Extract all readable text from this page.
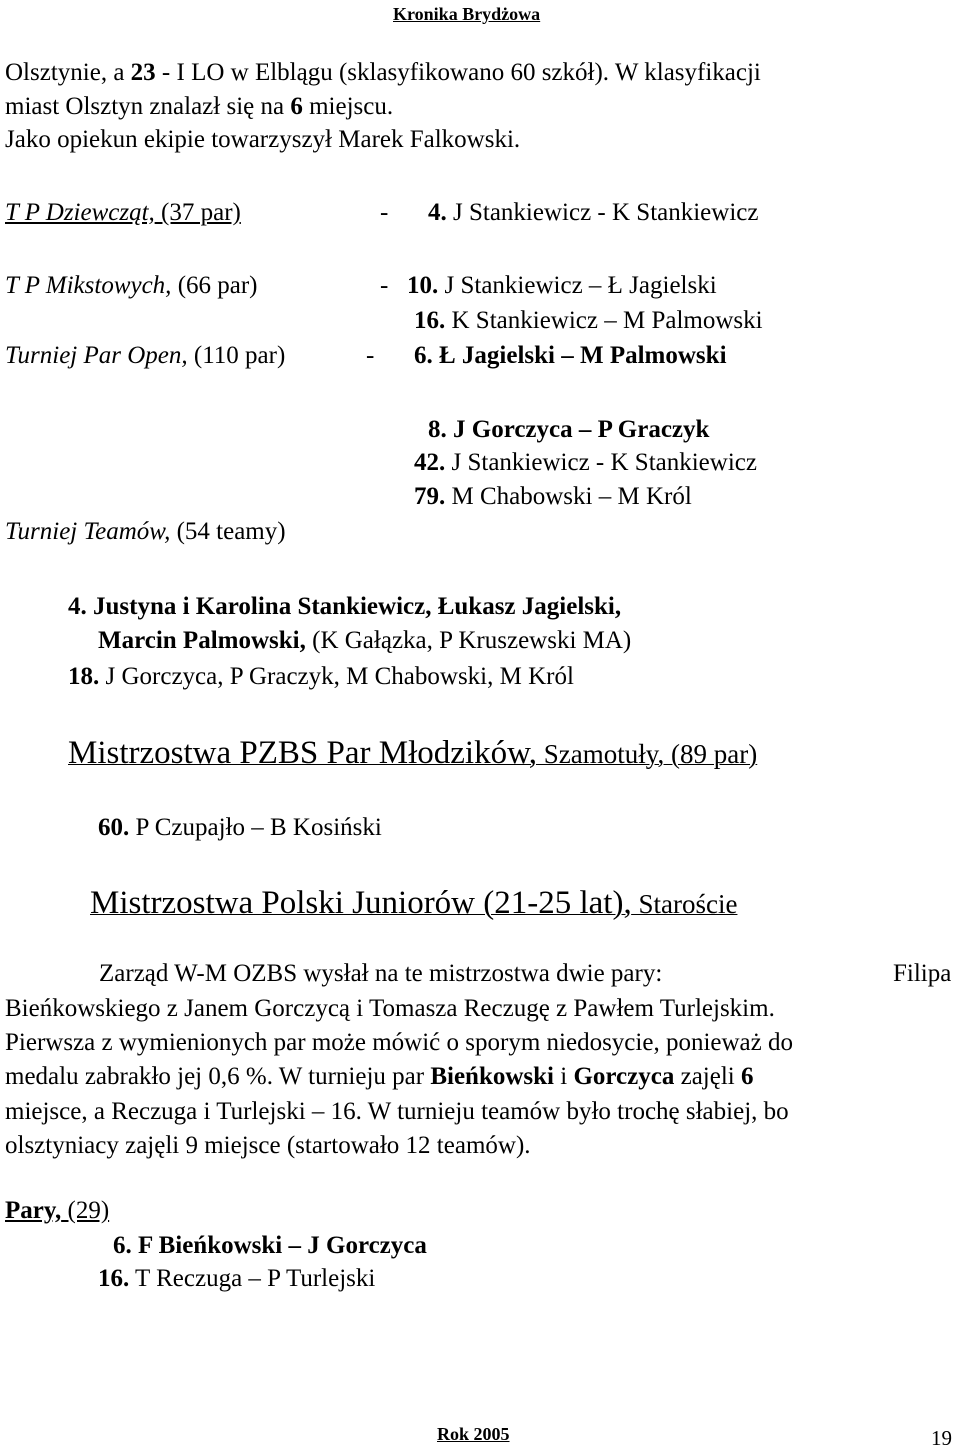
Kronika Brydżowa
Olsztynie, a 23 - I LO w Elblągu (sklasyfikowano 60 szkół). W klasyfikacji
miast Olsztyn znalazł się na 6 miejscu.
Jako opiekun ekipie towarzyszył Marek Falkowski.
T P Dziewcząt, (37 par)	- 4. J Stankiewicz - K Stankiewicz
T P Mikstowych, (66 par)	- 10. J Stankiewicz – Ł Jagielski
16. K Stankiewicz – M Palmowski
Turniej Par Open, (110 par)	- 6. Ł Jagielski – M Palmowski
8. J Gorczyca – P Graczyk
42. J Stankiewicz - K Stankiewicz
79. M Chabowski – M Król
Turniej Teamów, (54 teamy)
4. Justyna i Karolina Stankiewicz, Łukasz Jagielski,
Marcin Palmowski, (K Gałązka, P Kruszewski MA)
18. J Gorczyca, P Graczyk, M Chabowski, M Król
Mistrzostwa PZBS Par Młodzików, Szamotuły, (89 par)
60. P Czupajło – B Kosiński
Mistrzostwa Polski Juniorów (21-25 lat), Staroście
Zarząd W-M OZBS wysłał na te mistrzostwa dwie pary:	Filipa
Bieńkowskiego z Janem Gorczycą i Tomasza Reczugę z Pawłem Turlejskim.
Pierwsza z wymienionych par może mówić o sporym niedosycie, ponieważ do
medalu zabrakło jej 0,6 %. W turnieju par Bieńkowski i Gorczyca zajęli 6
miejsce, a Reczuga i Turlejski – 16. W turnieju teamów było trochę słabiej, bo
olsztyniacy zajęli 9 miejsce (startowało 12 teamów).
Pary, (29)
6. F Bieńkowski – J Gorczyca
16. T Reczuga – P Turlejski
Rok 2005	19
